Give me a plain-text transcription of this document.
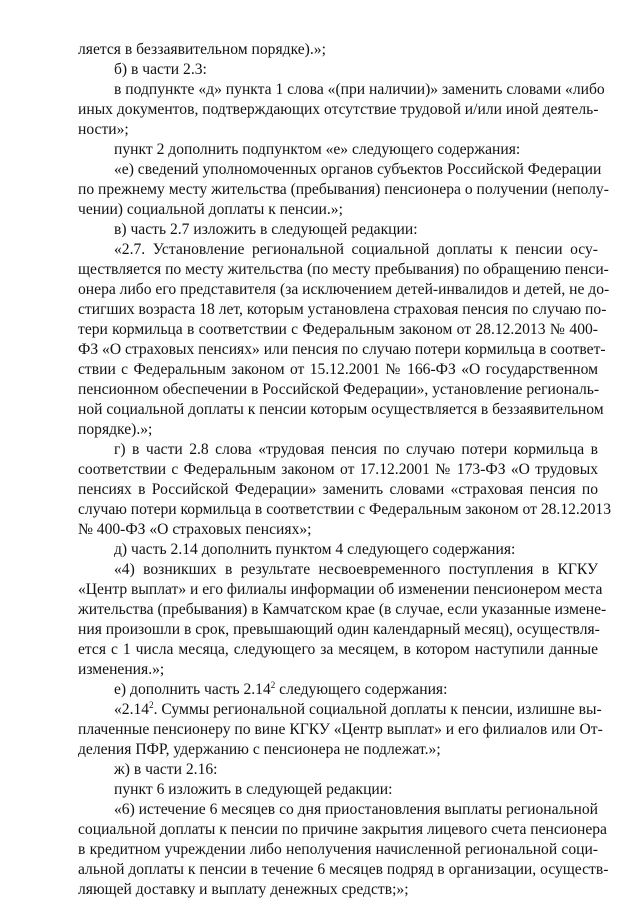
ляется в беззаявительном порядке).»;
б) в части 2.3:
в подпункте «д» пункта 1 слова «(при наличии)» заменить словами «либо
иных документов, подтверждающих отсутствие трудовой и/или иной деятель-
ности»;
пункт 2 дополнить подпунктом «е» следующего содержания:
«е) сведений уполномоченных органов субъектов Российской Федерации
по прежнему месту жительства (пребывания) пенсионера о получении (неполу-
чении) социальной доплаты к пенсии.»;
в) часть 2.7 изложить в следующей редакции:
«2.7. Установление региональной социальной доплаты к пенсии осу-
ществляется по месту жительства (по месту пребывания) по обращению пенси-
онера либо его представителя (за исключением детей-инвалидов и детей, не до-
стигших возраста 18 лет, которым установлена страховая пенсия по случаю по-
тери кормильца в соответствии с Федеральным законом от 28.12.2013 № 400-
ФЗ «О страховых пенсиях» или пенсия по случаю потери кормильца в соответ-
ствии с Федеральным законом от 15.12.2001 № 166-ФЗ «О государственном
пенсионном обеспечении в Российской Федерации», установление региональ-
ной социальной доплаты к пенсии которым осуществляется в беззаявительном
порядке).»;
г) в части 2.8 слова «трудовая пенсия по случаю потери кормильца в
соответствии с Федеральным законом от 17.12.2001 № 173-ФЗ «О трудовых
пенсиях в Российской Федерации» заменить словами «страховая пенсия по
случаю потери кормильца в соответствии с Федеральным законом от 28.12.2013
№ 400-ФЗ «О страховых пенсиях»;
д) часть 2.14 дополнить пунктом 4 следующего содержания:
«4) возникших в результате несвоевременного поступления в КГКУ
«Центр выплат» и его филиалы информации об изменении пенсионером места
жительства (пребывания) в Камчатском крае (в случае, если указанные измене-
ния произошли в срок, превышающий один календарный месяц), осуществля-
ется с 1 числа месяца, следующего за месяцем, в котором наступили данные
изменения.»;
е) дополнить часть 2.14$^2$ следующего содержания:
«2.14$^2$. Суммы региональной социальной доплаты к пенсии, излишне вы-
плаченные пенсионеру по вине КГКУ «Центр выплат» и его филиалов или От-
деления ПФР, удержанию с пенсионера не подлежат.»;
ж) в части 2.16:
пункт 6 изложить в следующей редакции:
«6) истечение 6 месяцев со дня приостановления выплаты региональной
социальной доплаты к пенсии по причине закрытия лицевого счета пенсионера
в кредитном учреждении либо неполучения начисленной региональной соци-
альной доплаты к пенсии в течение 6 месяцев подряд в организации, осуществ-
ляющей доставку и выплату денежных средств;»;
